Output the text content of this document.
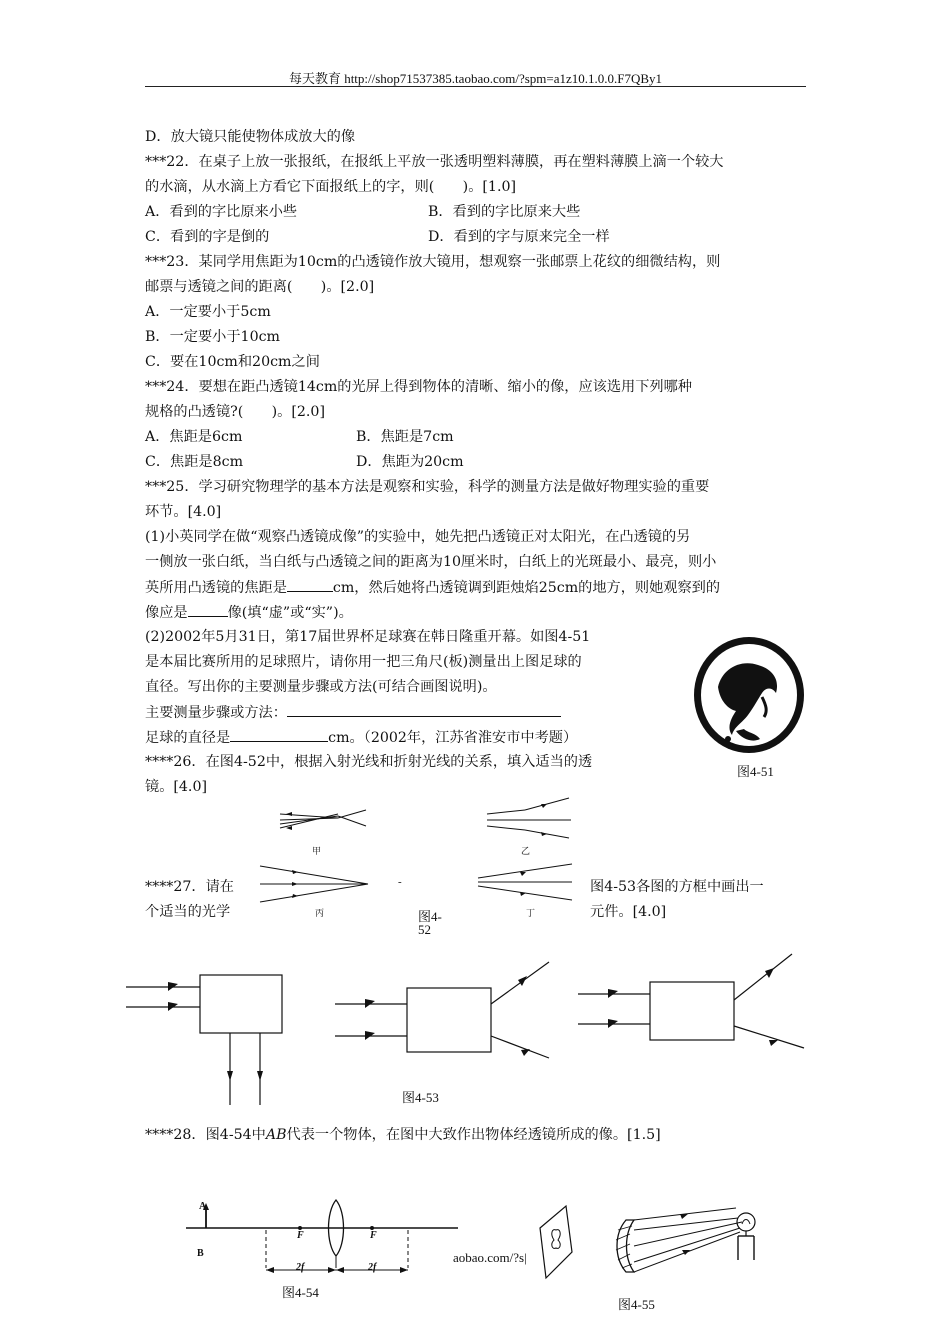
每天教育 http://shop71537385.taobao.com/?spm=a1z10.1.0.0.F7QBy1
D．放大镜只能使物体成放大的像
***22．在桌子上放一张报纸，在报纸上平放一张透明塑料薄膜，再在塑料薄膜上滴一个较大
的水滴，从水滴上方看它下面报纸上的字，则(　　)。[1.0]
A．看到的字比原来小些	B．看到的字比原来大些
C．看到的字是倒的	D．看到的字与原来完全一样
***23．某同学用焦距为10cm的凸透镜作放大镜用，想观察一张邮票上花纹的细微结构，则
邮票与透镜之间的距离(　　)。[2.0]
A．一定要小于5cm
B．一定要小于10cm
C．要在10cm和20cm之间
***24．要想在距凸透镜14cm的光屏上得到物体的清晰、缩小的像，应该选用下列哪种
规格的凸透镜?(　　)。[2.0]
A．焦距是6cm	B．焦距是7cm
C．焦距是8cm	D．焦距为20cm
***25．学习研究物理学的基本方法是观察和实验，科学的测量方法是做好物理实验的重要
环节。[4.0]
(1)小英同学在做“观察凸透镜成像”的实验中，她先把凸透镜正对太阳光，在凸透镜的另
一侧放一张白纸，当白纸与凸透镜之间的距离为10厘米时，白纸上的光斑最小、最亮，则小
英所用凸透镜的焦距是	cm，然后她将凸透镜调到距烛焰25cm的地方，则她观察到的
像应是	像(填“虚”或“实”)。
(2)2002年5月31日，第17届世界杯足球赛在韩日隆重开幕。如图4-51
是本届比赛所用的足球照片，请你用一把三角尺(板)测量出上图足球的
直径。写出你的主要测量步骤或方法(可结合画图说明)。
主要测量步骤或方法：
足球的直径是	cm。（2002年，江苏省淮安市中考题）
****26．在图4-52中，根据入射光线和折射光线的关系，填入适当的透
镜。[4.0]
****27．请在
个适当的光学
图4-53各图的方框中画出一
元件。[4.0]
****28．图4-54中AB代表一个物体，在图中大致作出物体经透镜所成的像。[1.5]
图4-51
甲	乙
丙	丁
-
图4-
52
图4-53
A
B
F	F
2f	2f
图4-54
aobao.com/?s|
图4-55
